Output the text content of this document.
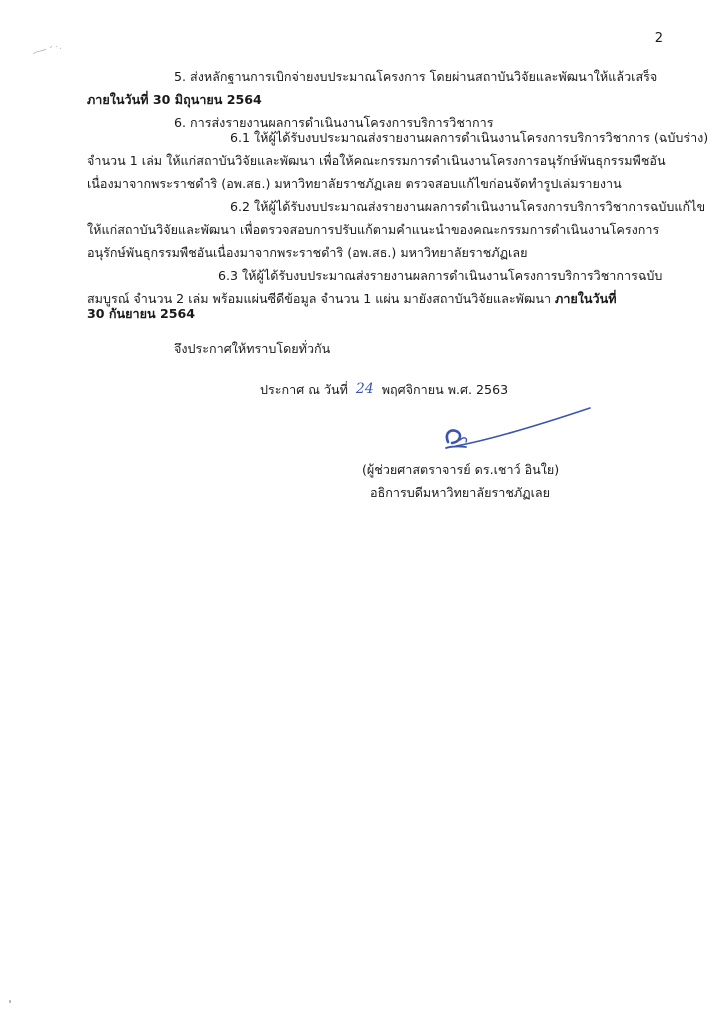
2
5. ส่งหลักฐานการเบิกจ่ายงบประมาณโครงการ โดยผ่านสถาบันวิจัยและพัฒนาให้แล้วเสร็จ
ภายในวันที่ 30 มิถุนายน 2564
6. การส่งรายงานผลการดำเนินงานโครงการบริการวิชาการ
6.1 ให้ผู้ได้รับงบประมาณส่งรายงานผลการดำเนินงานโครงการบริการวิชาการ (ฉบับร่าง)
จำนวน 1 เล่ม ให้แก่สถาบันวิจัยและพัฒนา เพื่อให้คณะกรรมการดำเนินงานโครงการอนุรักษ์พันธุกรรมพืชอัน
เนื่องมาจากพระราชดำริ (อพ.สธ.) มหาวิทยาลัยราชภัฏเลย ตรวจสอบแก้ไขก่อนจัดทำรูปเล่มรายงาน
6.2 ให้ผู้ได้รับงบประมาณส่งรายงานผลการดำเนินงานโครงการบริการวิชาการฉบับแก้ไข
ให้แก่สถาบันวิจัยและพัฒนา เพื่อตรวจสอบการปรับแก้ตามคำแนะนำของคณะกรรมการดำเนินงานโครงการ
อนุรักษ์พันธุกรรมพืชอันเนื่องมาจากพระราชดำริ (อพ.สธ.) มหาวิทยาลัยราชภัฏเลย
6.3 ให้ผู้ได้รับงบประมาณส่งรายงานผลการดำเนินงานโครงการบริการวิชาการฉบับ
สมบูรณ์ จำนวน 2 เล่ม พร้อมแผ่นซีดีข้อมูล จำนวน 1 แผ่น มายังสถาบันวิจัยและพัฒนา ภายในวันที่
30 กันยายน 2564
จึงประกาศให้ทราบโดยทั่วกัน
ประกาศ ณ วันที่ 24 พฤศจิกายน พ.ศ. 2563
(ผู้ช่วยศาสตราจารย์ ดร.เชาว์ อินใย)
อธิการบดีมหาวิทยาลัยราชภัฏเลย
